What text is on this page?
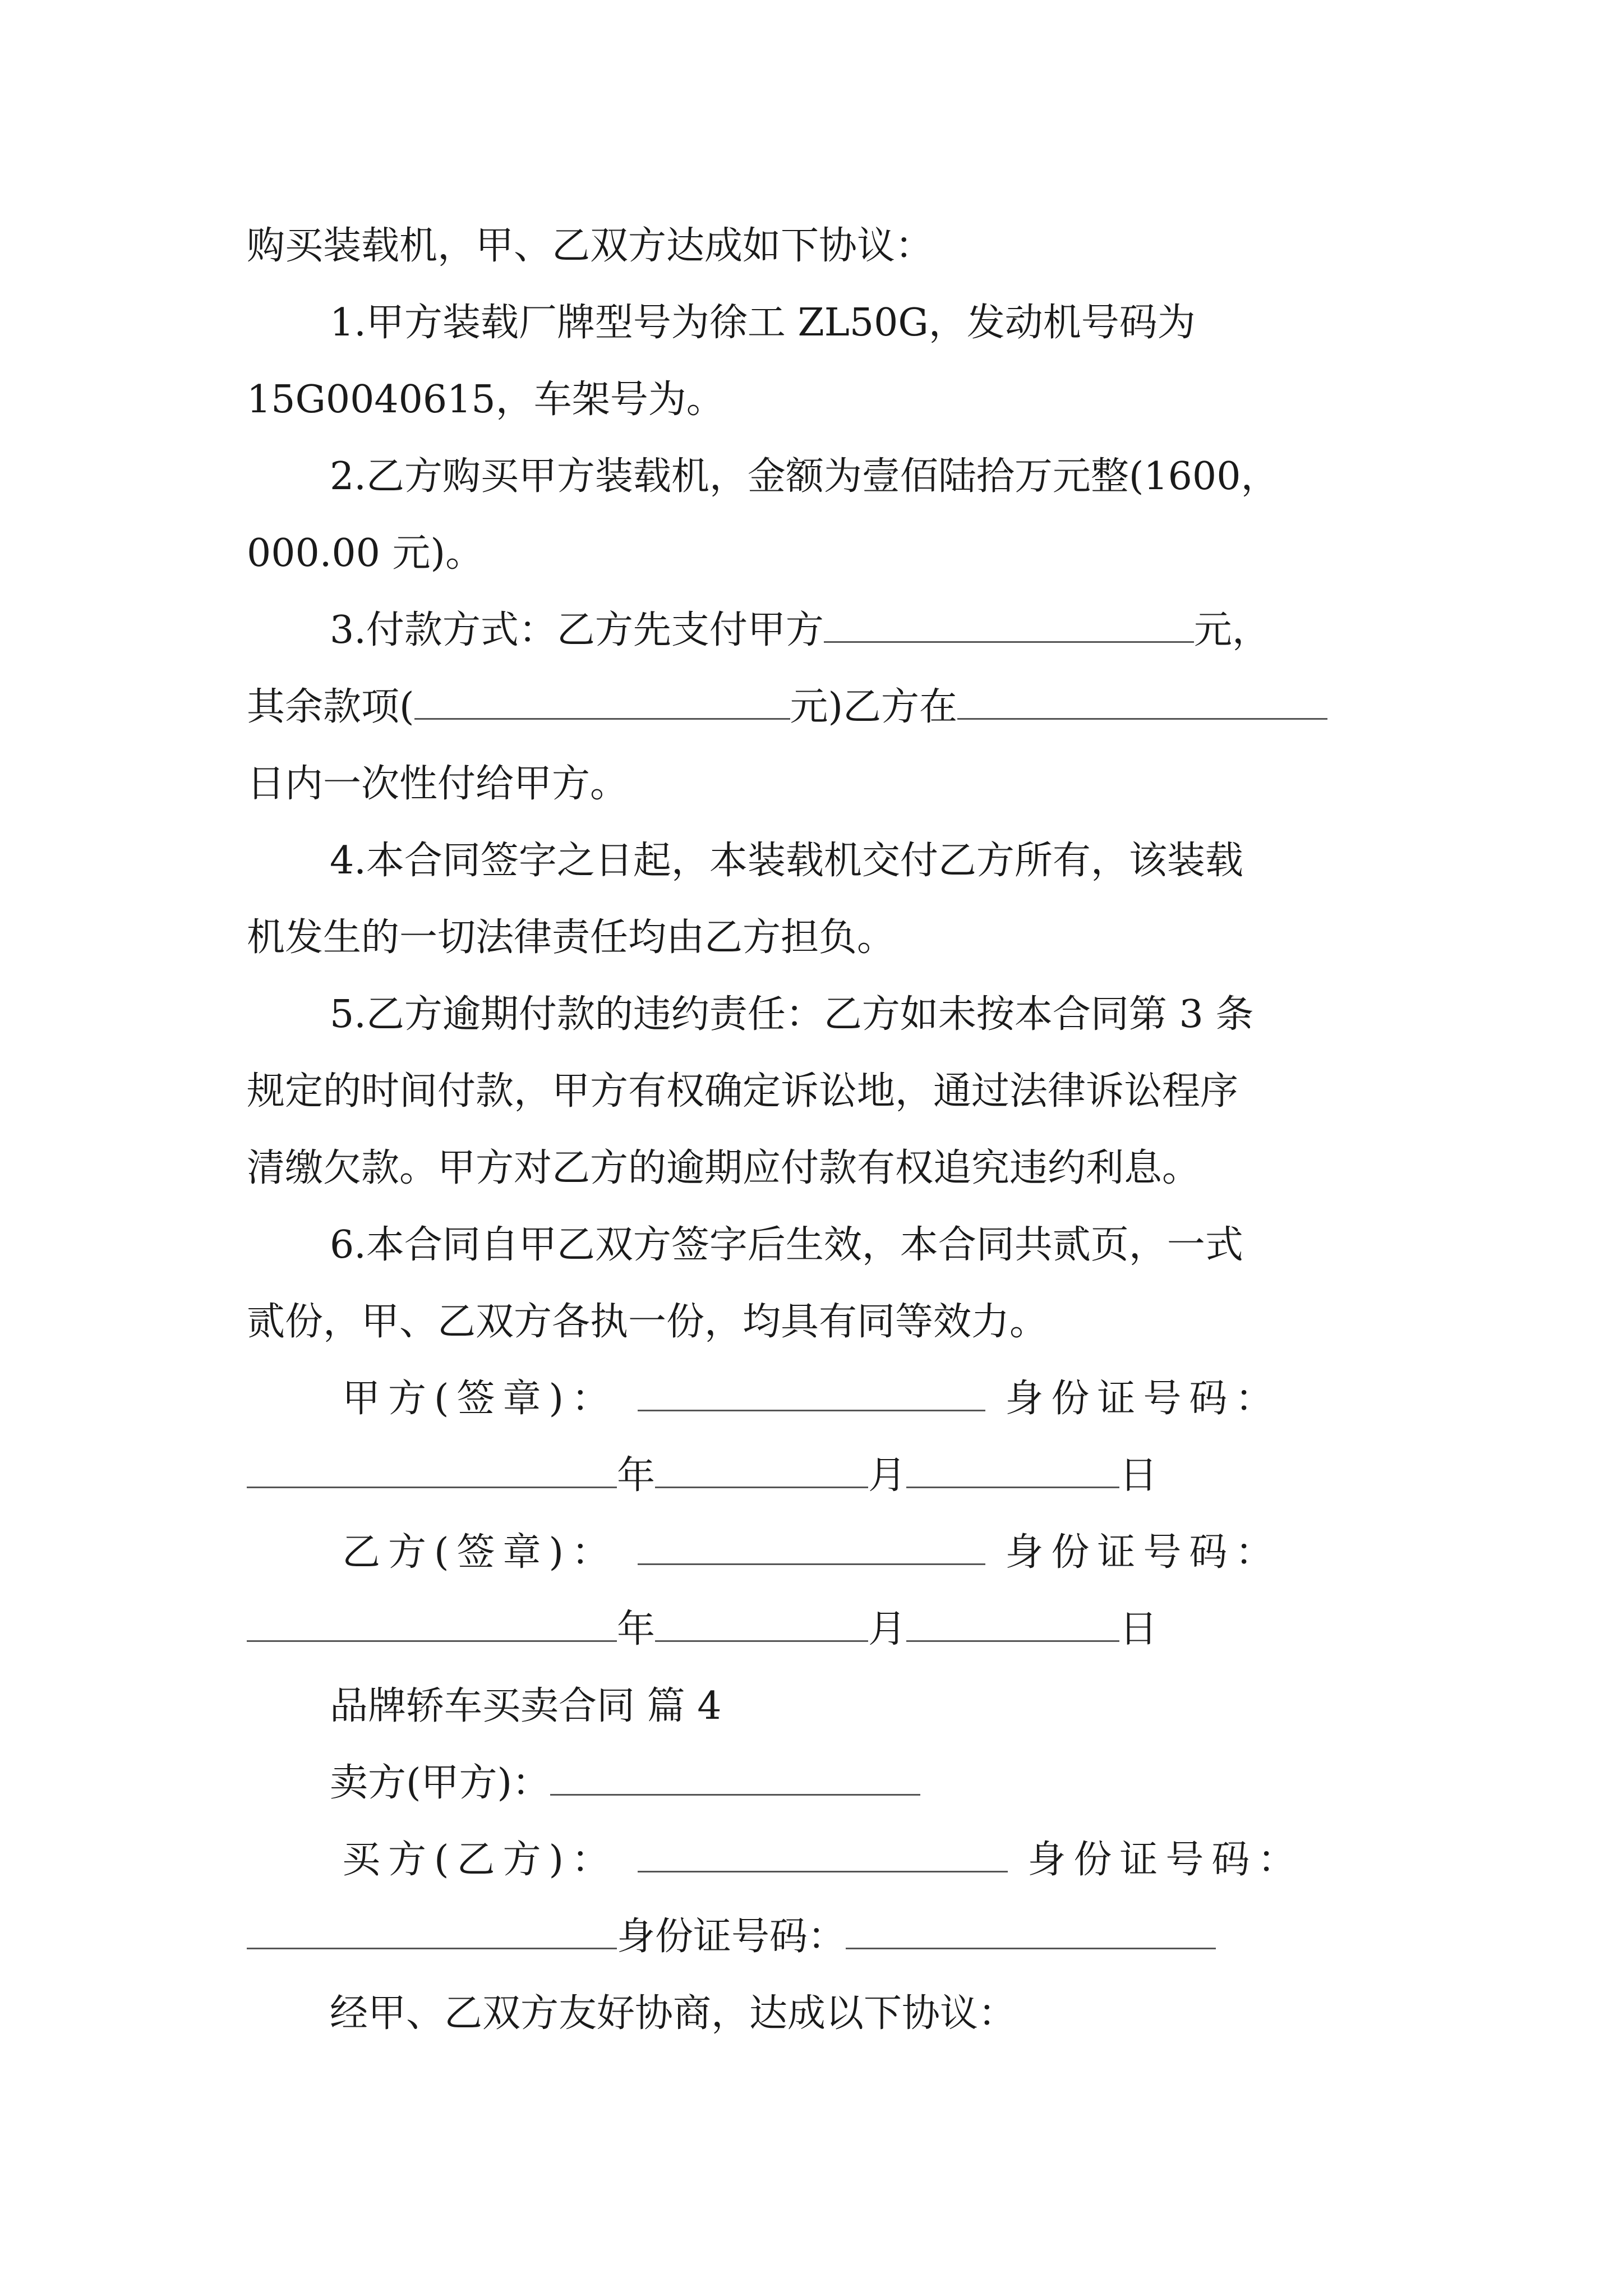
购买装载机，甲、乙双方达成如下协议：
1.甲方装载厂牌型号为徐工 ZL50G，发动机号码为
15G0040615，车架号为。
2.乙方购买甲方装载机，金额为壹佰陆拾万元整(1600，
000.00 元)。
3.付款方式：乙方先支付甲方	元，
其余款项(	元)乙方在
日内一次性付给甲方。
4.本合同签字之日起，本装载机交付乙方所有，该装载
机发生的一切法律责任均由乙方担负。
5.乙方逾期付款的违约责任：乙方如未按本合同第 3 条
规定的时间付款，甲方有权确定诉讼地，通过法律诉讼程序
清缴欠款。甲方对乙方的逾期应付款有权追究违约利息。
6.本合同自甲乙双方签字后生效，本合同共贰页，一式
贰份，甲、乙双方各执一份，均具有同等效力。
甲方(签章)：	身份证号码：
年	月	日
乙方(签章)：	身份证号码：
年	月	日
品牌轿车买卖合同 篇 4
卖方(甲方)：
买方(乙方)：	身份证号码：
身份证号码：
经甲、乙双方友好协商，达成以下协议：
